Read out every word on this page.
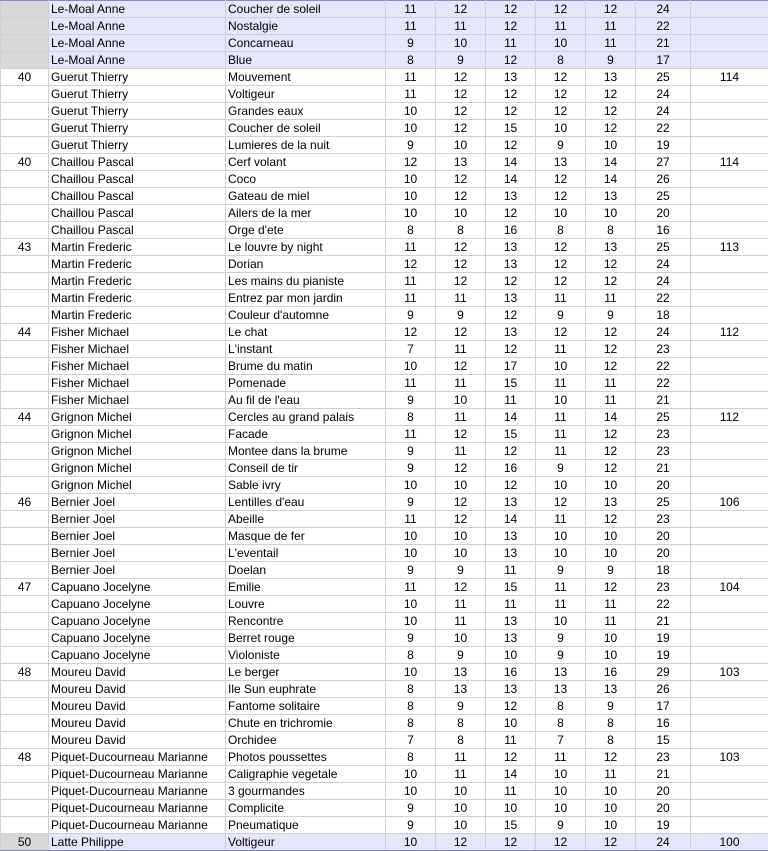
	Le-Moal Anne	Coucher de soleil	11	12	12	12	12	24	
	Le-Moal Anne	Nostalgie	11	11	12	11	11	22	
	Le-Moal Anne	Concarneau	9	10	11	10	11	21	
	Le-Moal Anne	Blue	8	9	12	8	9	17	
40	Guerut Thierry	Mouvement	11	12	13	12	13	25	114
	Guerut Thierry	Voltigeur	11	12	12	12	12	24	
	Guerut Thierry	Grandes eaux	10	12	12	12	12	24	
	Guerut Thierry	Coucher de soleil	10	12	15	10	12	22	
	Guerut Thierry	Lumieres de la nuit	9	10	12	9	10	19	
40	Chaillou Pascal	Cerf volant	12	13	14	13	14	27	114
	Chaillou Pascal	Coco	10	12	14	12	14	26	
	Chaillou Pascal	Gateau de miel	10	12	13	12	13	25	
	Chaillou Pascal	Ailers de la mer	10	10	12	10	10	20	
	Chaillou Pascal	Orge d'ete	8	8	16	8	8	16	
43	Martin Frederic	Le louvre by night	11	12	13	12	13	25	113
	Martin Frederic	Dorian	12	12	13	12	12	24	
	Martin Frederic	Les mains du pianiste	11	12	12	12	12	24	
	Martin Frederic	Entrez par mon jardin	11	11	13	11	11	22	
	Martin Frederic	Couleur d'automne	9	9	12	9	9	18	
44	Fisher Michael	Le chat	12	12	13	12	12	24	112
	Fisher Michael	L'instant	7	11	12	11	12	23	
	Fisher Michael	Brume du matin	10	12	17	10	12	22	
	Fisher Michael	Pomenade	11	11	15	11	11	22	
	Fisher Michael	Au fil de l'eau	9	10	11	10	11	21	
44	Grignon Michel	Cercles au grand palais	8	11	14	11	14	25	112
	Grignon Michel	Facade	11	12	15	11	12	23	
	Grignon Michel	Montee dans la brume	9	11	12	11	12	23	
	Grignon Michel	Conseil de tir	9	12	16	9	12	21	
	Grignon Michel	Sable ivry	10	10	12	10	10	20	
46	Bernier Joel	Lentilles d'eau	9	12	13	12	13	25	106
	Bernier Joel	Abeille	11	12	14	11	12	23	
	Bernier Joel	Masque de fer	10	10	13	10	10	20	
	Bernier Joel	L'eventail	10	10	13	10	10	20	
	Bernier Joel	Doelan	9	9	11	9	9	18	
47	Capuano Jocelyne	Emilie	11	12	15	11	12	23	104
	Capuano Jocelyne	Louvre	10	11	11	11	11	22	
	Capuano Jocelyne	Rencontre	10	11	13	10	11	21	
	Capuano Jocelyne	Berret rouge	9	10	13	9	10	19	
	Capuano Jocelyne	Violoniste	8	9	10	9	10	19	
48	Moureu David	Le berger	10	13	16	13	16	29	103
	Moureu David	Ile Sun euphrate	8	13	13	13	13	26	
	Moureu David	Fantome solitaire	8	9	12	8	9	17	
	Moureu David	Chute en trichromie	8	8	10	8	8	16	
	Moureu David	Orchidee	7	8	11	7	8	15	
48	Piquet-Ducourneau Marianne	Photos poussettes	8	11	12	11	12	23	103
	Piquet-Ducourneau Marianne	Caligraphie vegetale	10	11	14	10	11	21	
	Piquet-Ducourneau Marianne	3 gourmandes	10	10	11	10	10	20	
	Piquet-Ducourneau Marianne	Complicite	9	10	10	10	10	20	
	Piquet-Ducourneau Marianne	Pneumatique	9	10	15	9	10	19	
50	Latte Philippe	Voltigeur	10	12	12	12	12	24	100
